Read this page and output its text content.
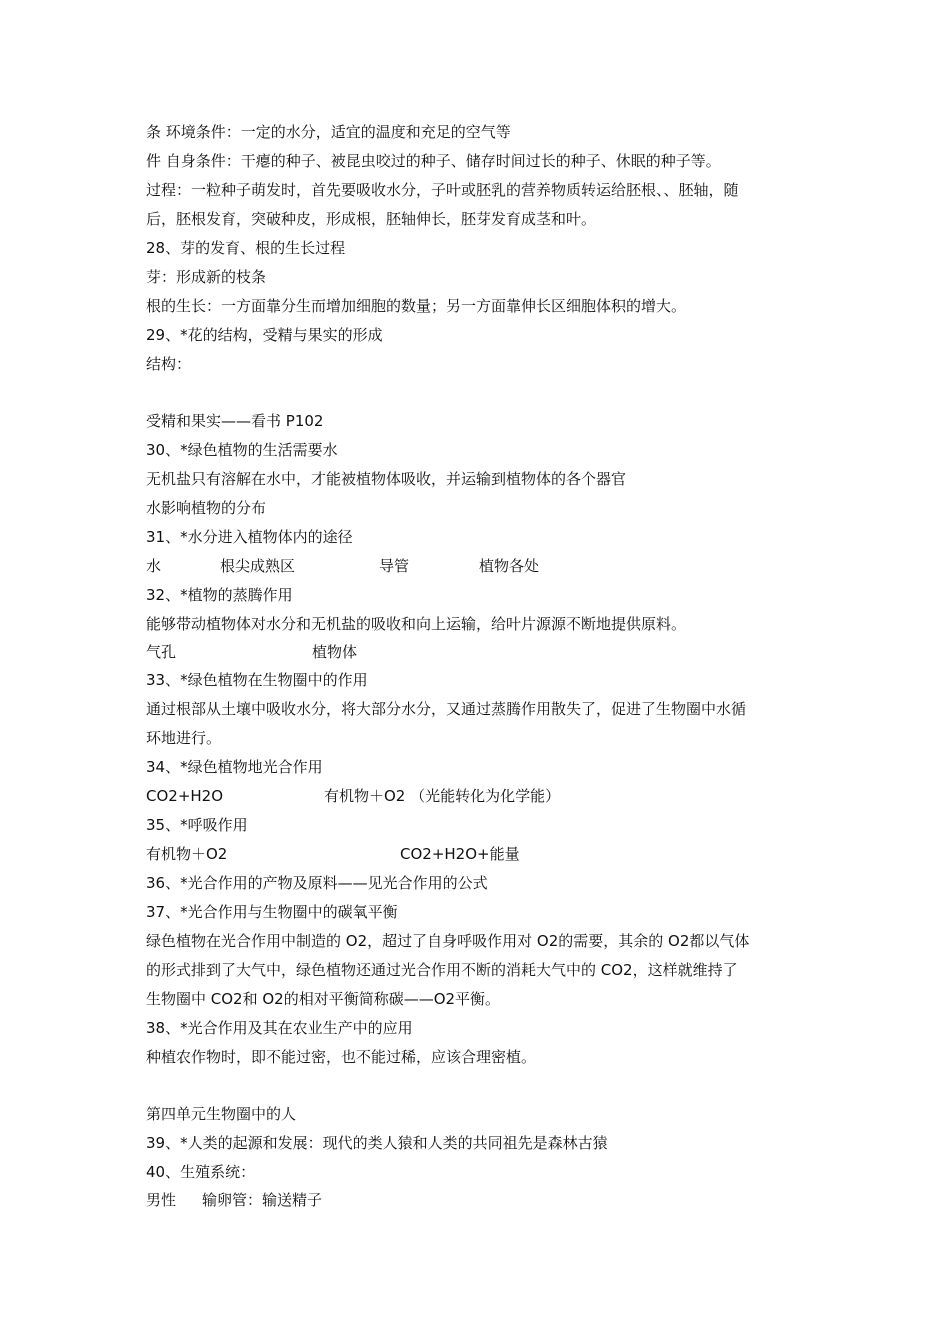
条 环境条件：一定的水分，适宜的温度和充足的空气等
件 自身条件：干瘪的种子、被昆虫咬过的种子、储存时间过长的种子、休眠的种子等。
过程：一粒种子萌发时，首先要吸收水分，子叶或胚乳的营养物质转运给胚根、、胚轴，随
后，胚根发育，突破种皮，形成根，胚轴伸长，胚芽发育成茎和叶。
28、芽的发育、根的生长过程
芽：形成新的枝条
根的生长：一方面靠分生而增加细胞的数量；另一方面靠伸长区细胞体积的增大。
29、*花的结构，受精与果实的形成
结构：
受精和果实——看书 P102
30、*绿色植物的生活需要水
无机盐只有溶解在水中，才能被植物体吸收，并运输到植物体的各个器官
水影响植物的分布
31、*水分进入植物体内的途径
水	根尖成熟区	导管	植物各处
32、*植物的蒸腾作用
能够带动植物体对水分和无机盐的吸收和向上运输，给叶片源源不断地提供原料。
气孔	植物体
33、*绿色植物在生物圈中的作用
通过根部从土壤中吸收水分，将大部分水分，又通过蒸腾作用散失了，促进了生物圈中水循
环地进行。
34、*绿色植物地光合作用
CO2+H2O	有机物＋O2 （光能转化为化学能）
35、*呼吸作用
有机物＋O2	CO2+H2O+能量
36、*光合作用的产物及原料——见光合作用的公式
37、*光合作用与生物圈中的碳氧平衡
绿色植物在光合作用中制造的 O2，超过了自身呼吸作用对 O2的需要，其余的 O2都以气体
的形式排到了大气中，绿色植物还通过光合作用不断的消耗大气中的 CO2，这样就维持了
生物圈中 CO2和 O2的相对平衡简称碳——O2平衡。
38、*光合作用及其在农业生产中的应用
种植农作物时，即不能过密，也不能过稀，应该合理密植。
第四单元生物圈中的人
39、*人类的起源和发展：现代的类人猿和人类的共同祖先是森林古猿
40、生殖系统：
男性 输卵管：输送精子
